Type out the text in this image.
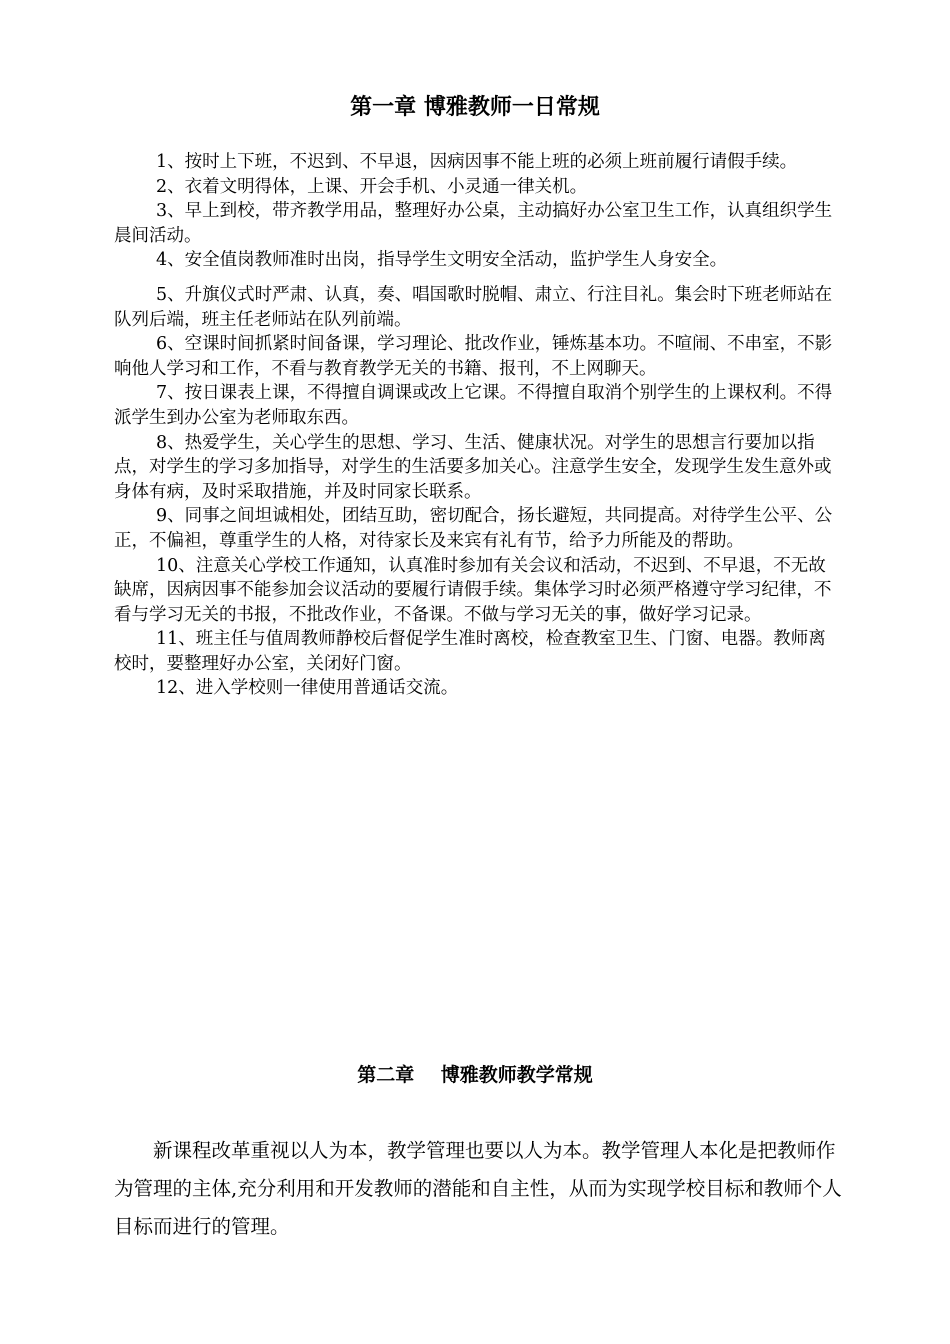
第一章 博雅教师一日常规

1、按时上下班，不迟到、不早退，因病因事不能上班的必须上班前履行请假手续。

2、衣着文明得体，上课、开会手机、小灵通一律关机。

3、早上到校，带齐教学用品，整理好办公桌，主动搞好办公室卫生工作，认真组织学生晨间活动。

4、安全值岗教师准时出岗，指导学生文明安全活动，监护学生人身安全。

5、升旗仪式时严肃、认真，奏、唱国歌时脱帽、肃立、行注目礼。集会时下班老师站在队列后端，班主任老师站在队列前端。

6、空课时间抓紧时间备课，学习理论、批改作业，锤炼基本功。不喧闹、不串室，不影响他人学习和工作，不看与教育教学无关的书籍、报刊，不上网聊天。

7、按日课表上课，不得擅自调课或改上它课。不得擅自取消个别学生的上课权利。不得派学生到办公室为老师取东西。

8、热爱学生，关心学生的思想、学习、生活、健康状况。对学生的思想言行要加以指点，对学生的学习多加指导，对学生的生活要多加关心。注意学生安全，发现学生发生意外或身体有病，及时采取措施，并及时同家长联系。

9、同事之间坦诚相处，团结互助，密切配合，扬长避短，共同提高。对待学生公平、公正，不偏袒，尊重学生的人格，对待家长及来宾有礼有节，给予力所能及的帮助。

10、注意关心学校工作通知，认真准时参加有关会议和活动，不迟到、不早退，不无故缺席，因病因事不能参加会议活动的要履行请假手续。集体学习时必须严格遵守学习纪律，不看与学习无关的书报，不批改作业，不备课。不做与学习无关的事，做好学习记录。

11、班主任与值周教师静校后督促学生准时离校，检查教室卫生、门窗、电器。教师离校时，要整理好办公室，关闭好门窗。

12、进入学校则一律使用普通话交流。

第二章    博雅教师教学常规

新课程改革重视以人为本，教学管理也要以人为本。教学管理人本化是把教师作为管理的主体,充分利用和开发教师的潜能和自主性，从而为实现学校目标和教师个人目标而进行的管理。
